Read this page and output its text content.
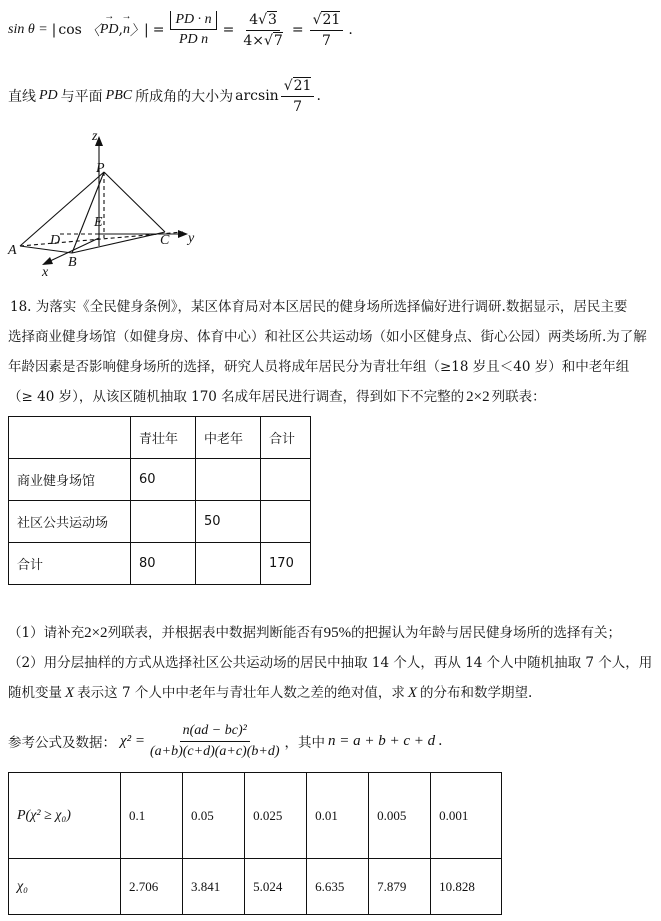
sin θ = | cos 〈 → PD , → n 〉 | = $\frac{PD \cdot n}{\text{PD n}} = \frac{4√3}{4\times√7} = \frac{√21}{7}$ .
直线 PD 与平面 PBC 所成角的大小为 $\arcsin \frac{√21}{7}$ .
z
P
E
D	C y
A
B
x
18. 为落实《全民健身条例》，某区体育局对本区居民的健身场所选择偏好进行调研.数据显示，居民主要
选择商业健身场馆（如健身房、体育中心）和社区公共运动场（如小区健身点、街心公园）两类场所.为了解
年龄因素是否影响健身场所的选择，研究人员将成年居民分为青壮年组（≥18 岁且＜40 岁）和中老年组
（≥ 40 岁），从该区随机抽取 170 名成年居民进行调查，得到如下不完整的 2×2 列联表：
	青壮年	中老年	合计
商业健身场馆	60		
社区公共运动场		50	
合计	80		170
（1）请补充2×2列联表，并根据表中数据判断能否有95%的把握认为年龄与居民健身场所的选择有关；
（2）用分层抽样的方式从选择社区公共运动场的居民中抽取 14 个人，再从 14 个人中随机抽取 7 个人，用
随机变量 X 表示这 7 个人中中老年与青壮年人数之差的绝对值，求 X 的分布和数学期望.
参考公式及数据： $\chi^2 = \frac{\text{n(ad − bc)²}}{(a+b)(c+d)(a+c)(b+d)}$ ，其中 n = a + b + c + d .
P(χ² ≥ χ₀)	0.1	0.05	0.025	0.01	0.005	0.001
χ₀	2.706	3.841	5.024	6.635	7.879	10.828
